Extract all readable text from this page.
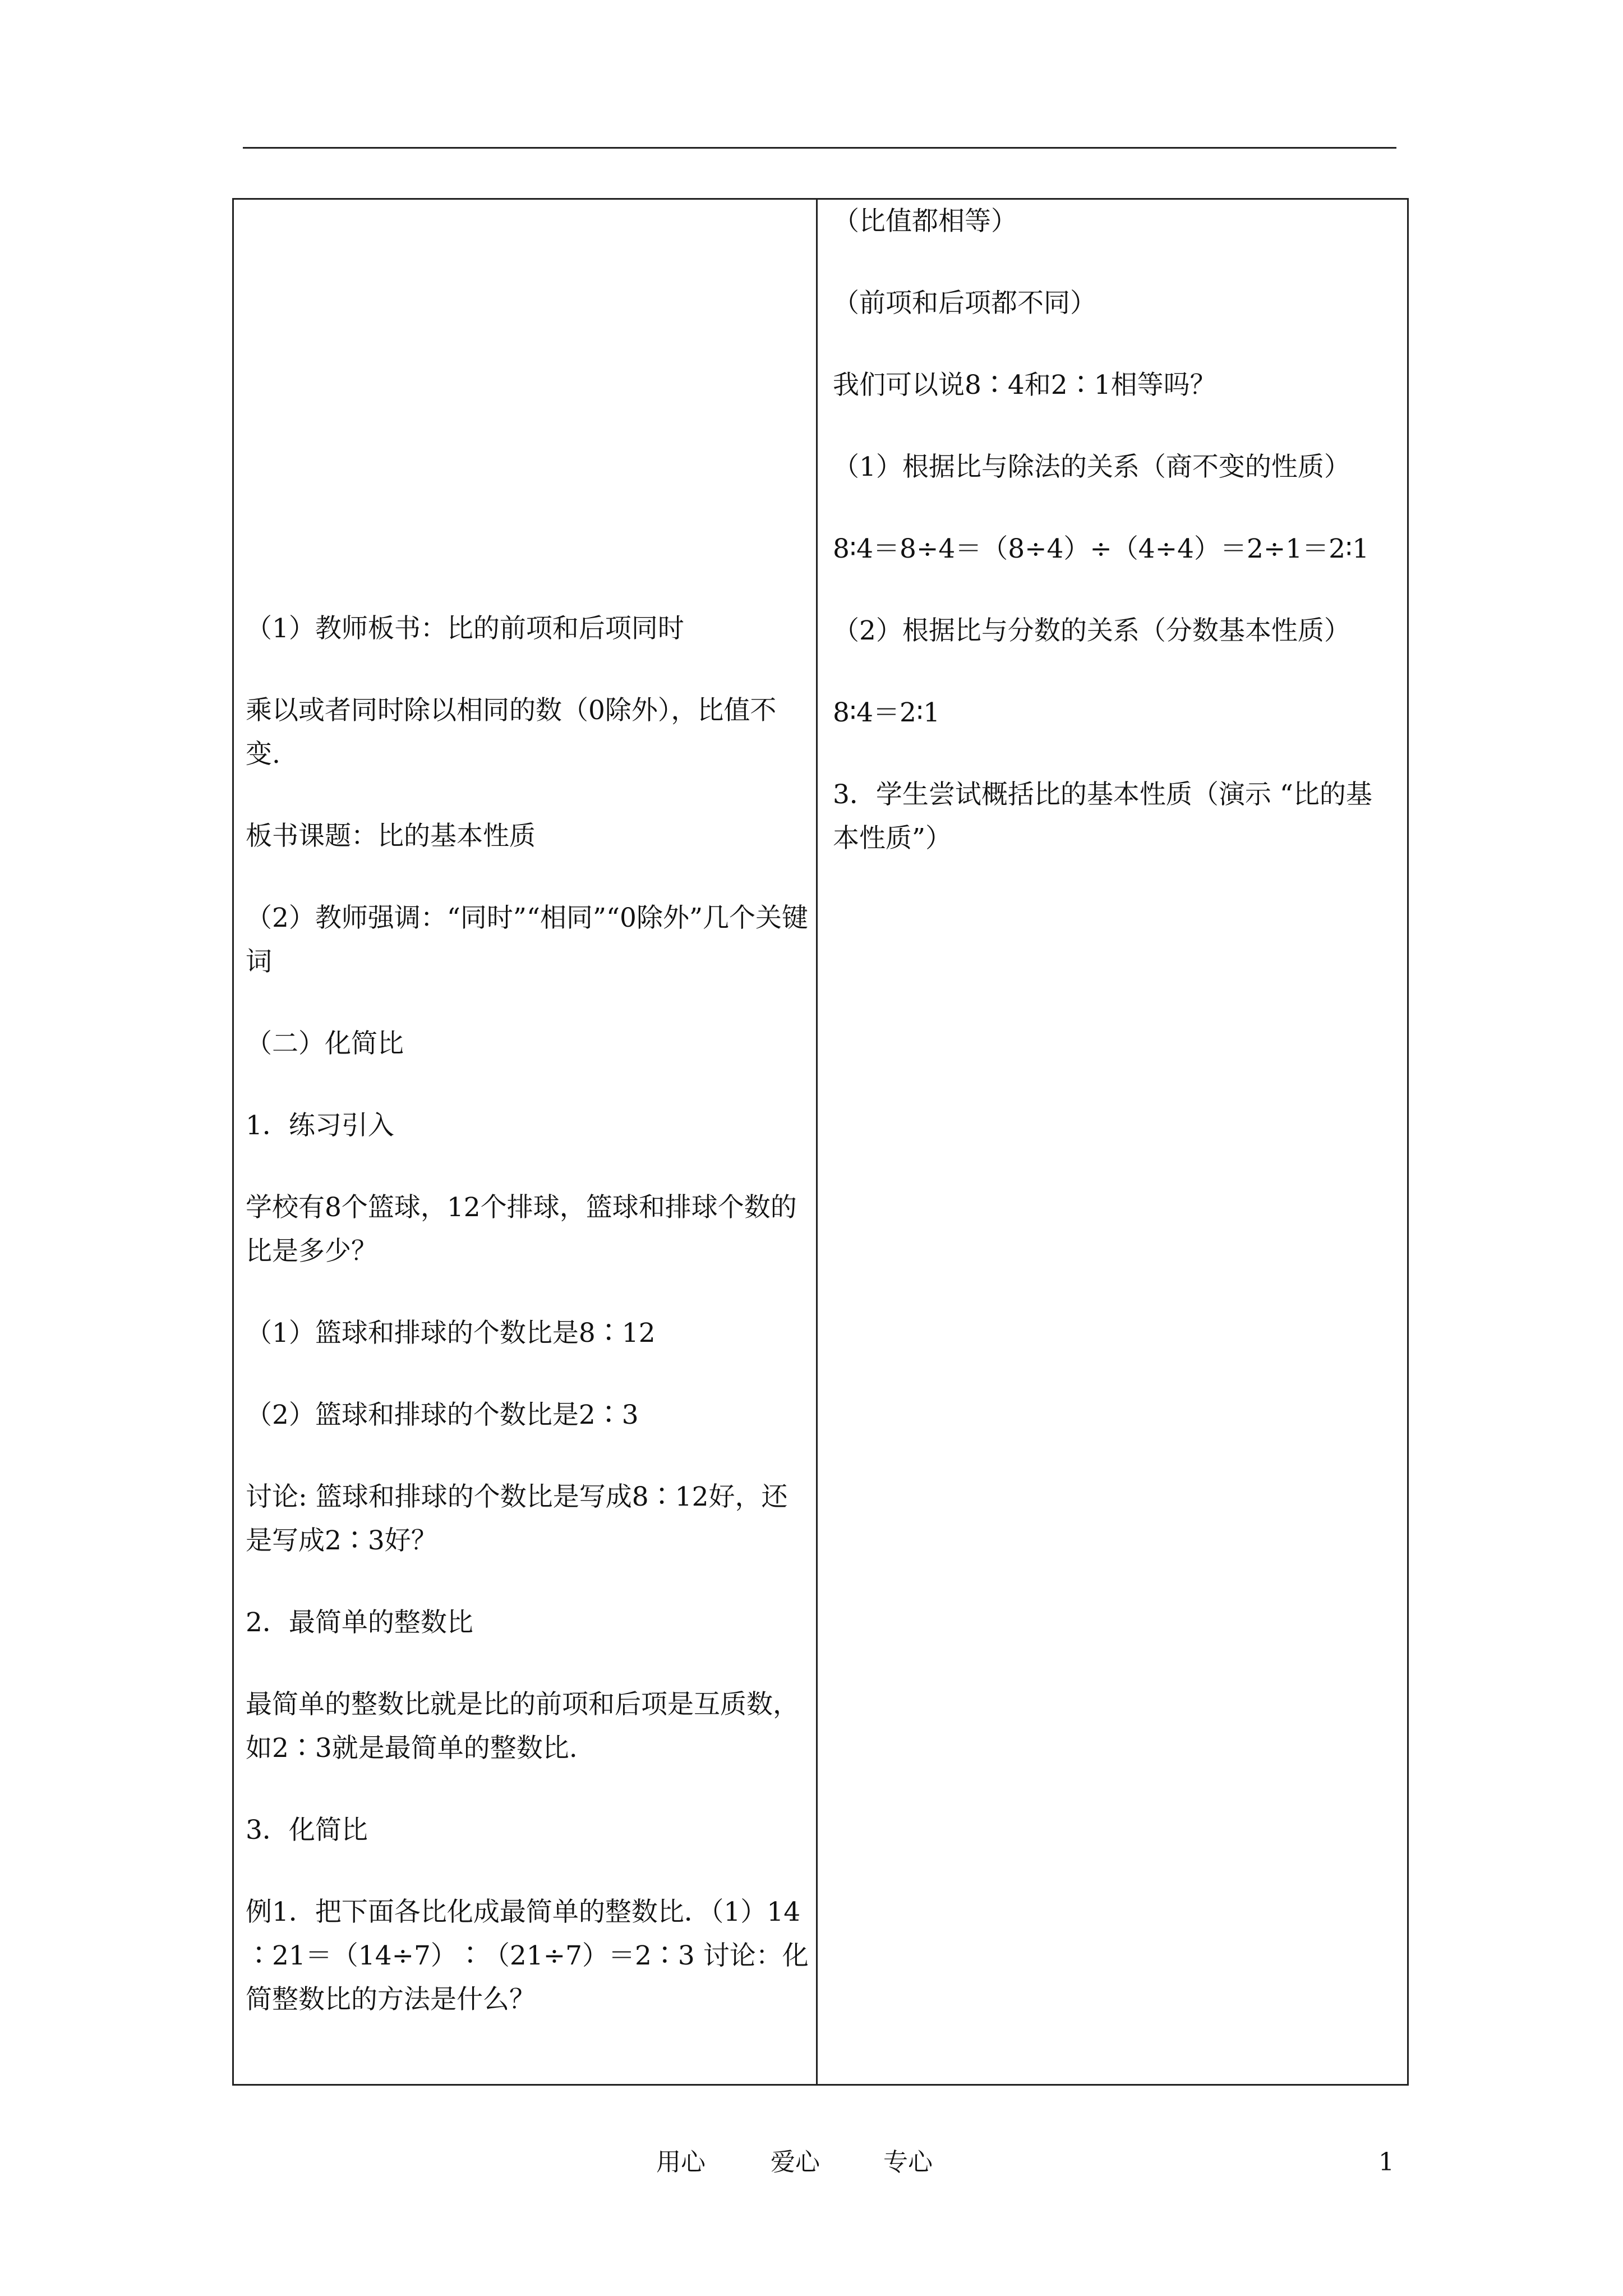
（1）教师板书：比的前项和后项同时

乘以或者同时除以相同的数（0除外），比值不变.

板书课题：比的基本性质

（2）教师强调：“同时”“相同”“0除外”几个关键词

（二）化简比

1．练习引入

学校有8个篮球，12个排球，篮球和排球个数的比是多少？

（1）篮球和排球的个数比是8∶12

（2）篮球和排球的个数比是2∶3

讨论: 篮球和排球的个数比是写成8∶12好，还是写成2∶3好？

2．最简单的整数比

最简单的整数比就是比的前项和后项是互质数，如2∶3就是最简单的整数比.

3．化简比

例1．把下面各比化成最简单的整数比．（1）14∶21＝（14÷7）∶（21÷7）＝2∶3 讨论：化简整数比的方法是什么？

（比值都相等）

（前项和后项都不同）

我们可以说8∶4和2∶1相等吗？

（1）根据比与除法的关系（商不变的性质）

8∶4＝8÷4＝（8÷4）÷（4÷4）＝2÷1＝2∶1

（2）根据比与分数的关系（分数基本性质）

8∶4＝2∶1

3．学生尝试概括比的基本性质（演示 “比的基本性质”）

用心	爱心	专心	1
